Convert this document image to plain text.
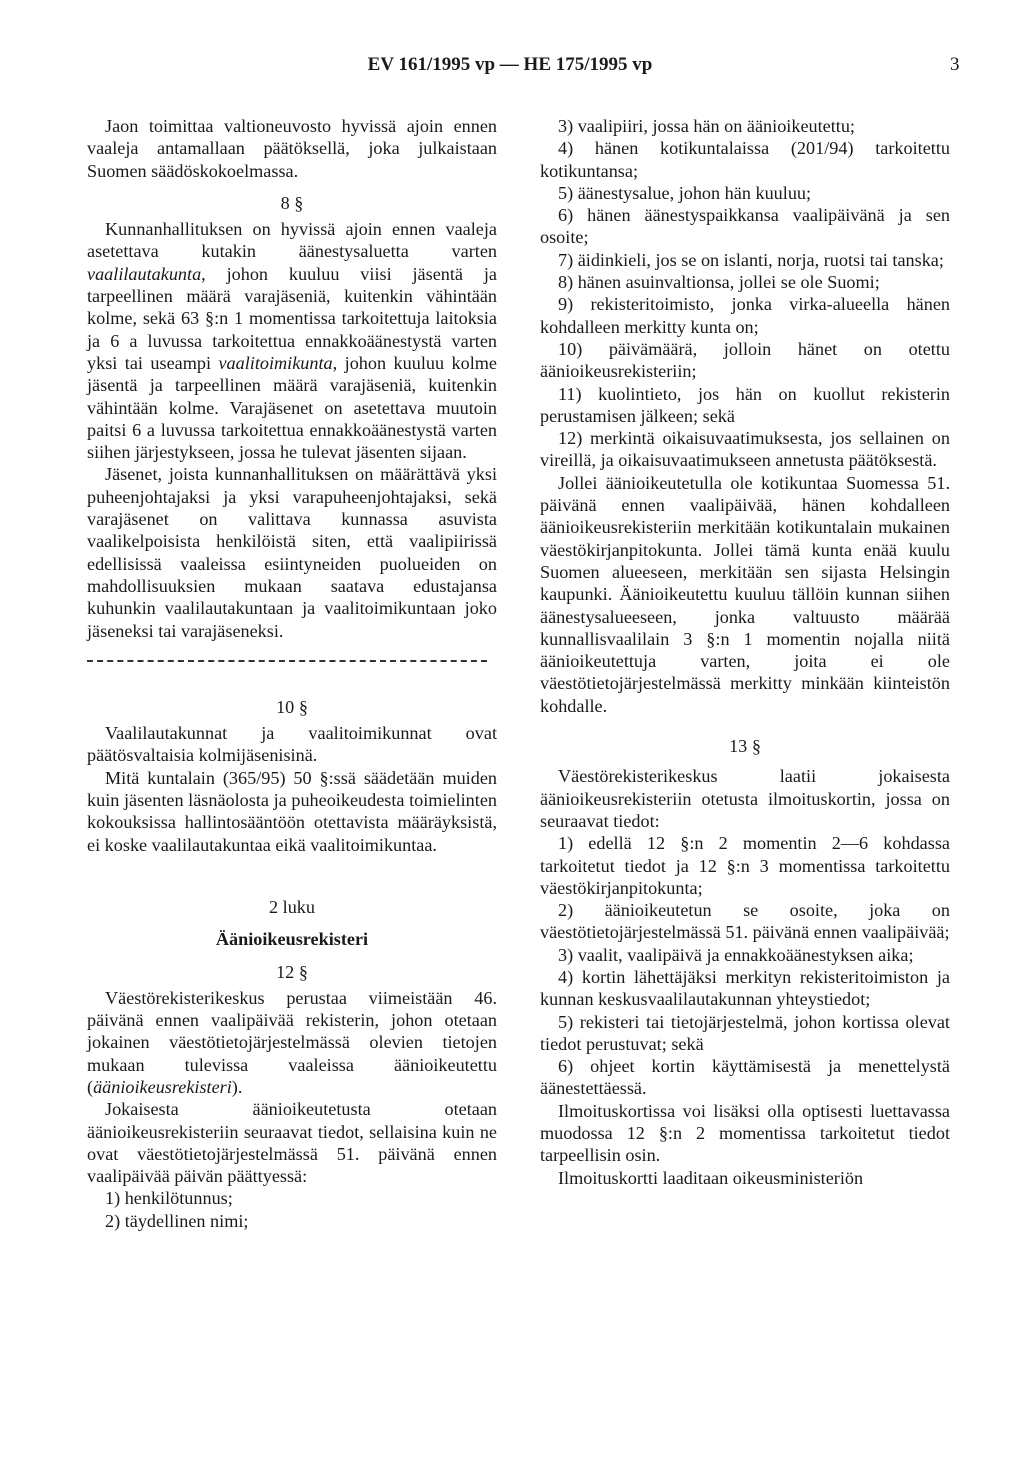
EV 161/1995 vp — HE 175/1995 vp	3

Jaon toimittaa valtioneuvosto hyvissä ajoin ennen vaaleja antamallaan päätöksellä, joka julkaistaan Suomen säädöskokoelmassa.

8 §

Kunnanhallituksen on hyvissä ajoin ennen vaaleja asetettava kutakin äänestysaluetta varten vaalilautakunta, johon kuuluu viisi jäsentä ja tarpeellinen määrä varajäseniä, kuitenkin vähintään kolme, sekä 63 §:n 1 momentissa tarkoitettuja laitoksia ja 6 a luvussa tarkoitettua ennakkoäänestystä varten yksi tai useampi vaalitoimikunta, johon kuuluu kolme jäsentä ja tarpeellinen määrä varajäseniä, kuitenkin vähintään kolme. Varajäsenet on asetettava muutoin paitsi 6 a luvussa tarkoitettua ennakkoäänestystä varten siihen järjestykseen, jossa he tulevat jäsenten sijaan.

Jäsenet, joista kunnanhallituksen on määrättävä yksi puheenjohtajaksi ja yksi varapuheenjohtajaksi, sekä varajäsenet on valittava kunnassa asuvista vaalikelpoisista henkilöistä siten, että vaalipiirissä edellisissä vaaleissa esiintyneiden puolueiden on mahdollisuuksien mukaan saatava edustajansa kuhunkin vaalilautakuntaan ja vaalitoimikuntaan joko jäseneksi tai varajäseneksi.

10 §

Vaalilautakunnat ja vaalitoimikunnat ovat päätösvaltaisia kolmijäsenisinä.

Mitä kuntalain (365/95) 50 §:ssä säädetään muiden kuin jäsenten läsnäolosta ja puheoikeudesta toimielinten kokouksissa hallintosääntöön otettavista määräyksistä, ei koske vaalilautakuntaa eikä vaalitoimikuntaa.

2 luku
Äänioikeusrekisteri
12 §

Väestörekisterikeskus perustaa viimeistään 46. päivänä ennen vaalipäivää rekisterin, johon otetaan jokainen väestötietojärjestelmässä olevien tietojen mukaan tulevissa vaaleissa äänioikeutettu (äänioikeusrekisteri).

Jokaisesta äänioikeutetusta otetaan äänioikeusrekisteriin seuraavat tiedot, sellaisina kuin ne ovat väestötietojärjestelmässä 51. päivänä ennen vaalipäivää päivän päättyessä:

1) henkilötunnus;

2) täydellinen nimi;

3) vaalipiiri, jossa hän on äänioikeutettu;

4) hänen kotikuntalaissa (201/94) tarkoitettu kotikuntansa;

5) äänestysalue, johon hän kuuluu;

6) hänen äänestyspaikkansa vaalipäivänä ja sen osoite;

7) äidinkieli, jos se on islanti, norja, ruotsi tai tanska;

8) hänen asuinvaltionsa, jollei se ole Suomi;

9) rekisteritoimisto, jonka virka-alueella hänen kohdalleen merkitty kunta on;

10) päivämäärä, jolloin hänet on otettu äänioikeusrekisteriin;

11) kuolintieto, jos hän on kuollut rekisterin perustamisen jälkeen; sekä

12) merkintä oikaisuvaatimuksesta, jos sellainen on vireillä, ja oikaisuvaatimukseen annetusta päätöksestä.

Jollei äänioikeutetulla ole kotikuntaa Suomessa 51. päivänä ennen vaalipäivää, hänen kohdalleen äänioikeusrekisteriin merkitään kotikuntalain mukainen väestökirjanpitokunta. Jollei tämä kunta enää kuulu Suomen alueeseen, merkitään sen sijasta Helsingin kaupunki. Äänioikeutettu kuuluu tällöin kunnan siihen äänestysalueeseen, jonka valtuusto määrää kunnallisvaalilain 3 §:n 1 momentin nojalla niitä äänioikeutettuja varten, joita ei ole väestötietojärjestelmässä merkitty minkään kiinteistön kohdalle.

13 §

Väestörekisterikeskus laatii jokaisesta äänioikeusrekisteriin otetusta ilmoituskortin, jossa on seuraavat tiedot:

1) edellä 12 §:n 2 momentin 2—6 kohdassa tarkoitetut tiedot ja 12 §:n 3 momentissa tarkoitettu väestökirjanpitokunta;

2) äänioikeutetun se osoite, joka on väestötietojärjestelmässä 51. päivänä ennen vaalipäivää;

3) vaalit, vaalipäivä ja ennakkoäänestyksen aika;

4) kortin lähettäjäksi merkityn rekisteritoimiston ja kunnan keskusvaalilautakunnan yhteystiedot;

5) rekisteri tai tietojärjestelmä, johon kortissa olevat tiedot perustuvat; sekä

6) ohjeet kortin käyttämisestä ja menettelystä äänestettäessä.

Ilmoituskortissa voi lisäksi olla optisesti luettavassa muodossa 12 §:n 2 momentissa tarkoitetut tiedot tarpeellisin osin.

Ilmoituskortti laaditaan oikeusministeriön
